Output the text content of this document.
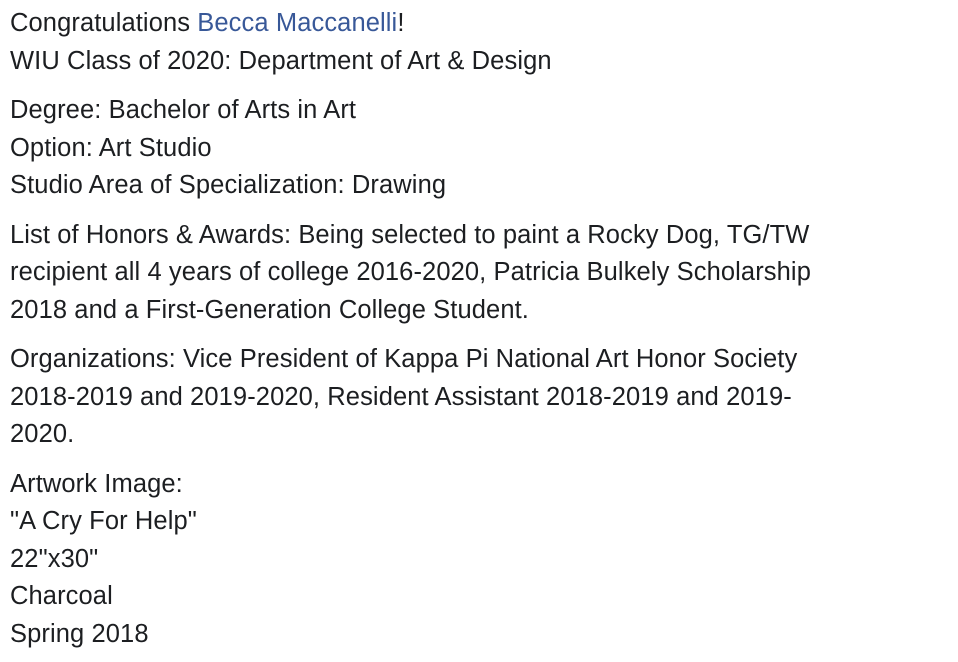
Congratulations Becca Maccanelli!
WIU Class of 2020: Department of Art & Design
Degree: Bachelor of Arts in Art
Option: Art Studio
Studio Area of Specialization: Drawing
List of Honors & Awards: Being selected to paint a Rocky Dog, TG/TW
recipient all 4 years of college 2016-2020, Patricia Bulkely Scholarship
2018 and a First-Generation College Student.
Organizations: Vice President of Kappa Pi National Art Honor Society
2018-2019 and 2019-2020, Resident Assistant 2018-2019 and 2019-
2020.
Artwork Image:
"A Cry For Help"
22"x30"
Charcoal
Spring 2018
